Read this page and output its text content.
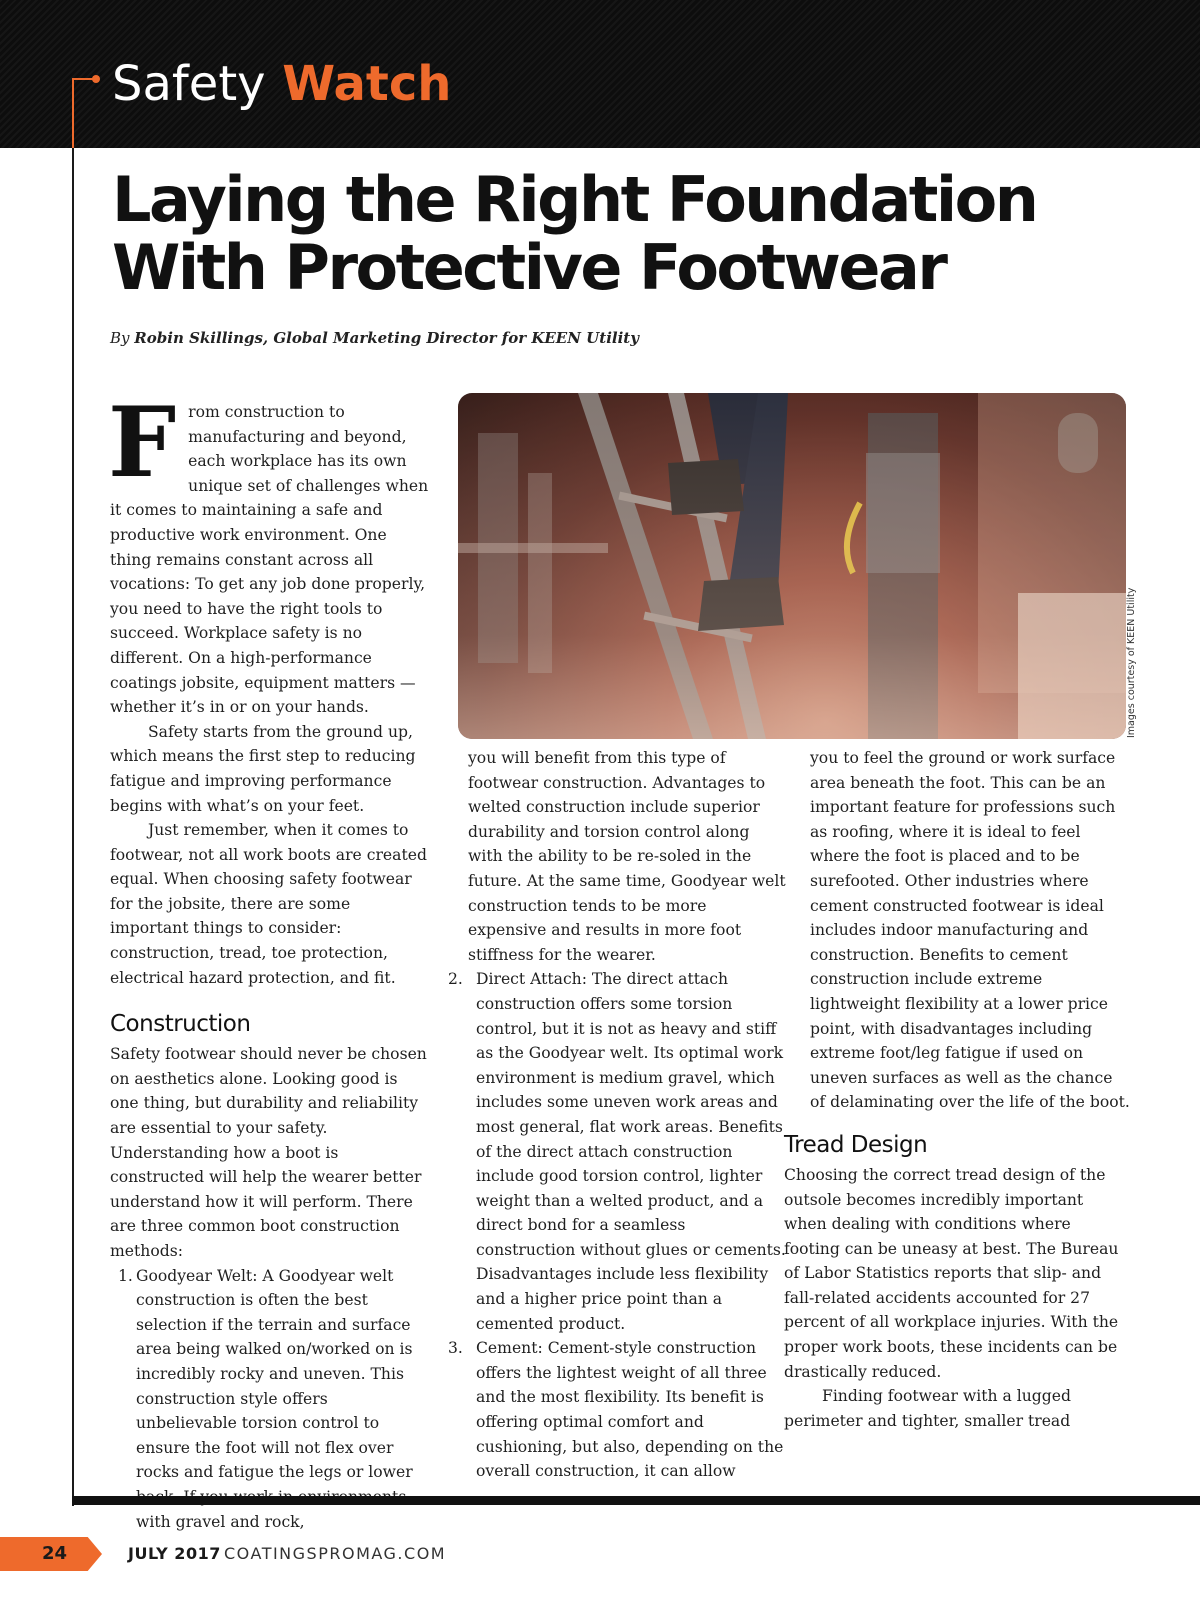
Safety Watch
Laying the Right Foundation With Protective Footwear

By Robin Skillings, Global Marketing Director for KEEN Utility

From construction to manufacturing and beyond, each workplace has its own unique set of challenges when it comes to maintaining a safe and productive work environment. One thing remains constant across all vocations: To get any job done properly, you need to have the right tools to succeed. Workplace safety is no different. On a high-performance coatings jobsite, equipment matters — whether it’s in or on your hands.

Safety starts from the ground up, which means the first step to reducing fatigue and improving performance begins with what’s on your feet.

Just remember, when it comes to footwear, not all work boots are created equal. When choosing safety footwear for the jobsite, there are some important things to consider: construction, tread, toe protection, electrical hazard protection, and fit.

Construction

Safety footwear should never be chosen on aesthetics alone. Looking good is one thing, but durability and reliability are essential to your safety. Understanding how a boot is constructed will help the wearer better understand how it will perform. There are three common boot construction methods:

1. Goodyear Welt: A Goodyear welt construction is often the best selection if the terrain and surface area being walked on/worked on is incredibly rocky and uneven. This construction style offers unbelievable torsion control to ensure the foot will not flex over rocks and fatigue the legs or lower with gravel and rock,
Images courtesy of KEEN Utility

you will benefit from this type of footwear construction. Advantages to welted construction include superior durability and torsion control along with the ability to be re-soled in the future. At the same time, Goodyear welt construction tends to be more expensive and results in more foot stiffness for the wearer.

2. Direct Attach: The direct attach construction offers some torsion control, but it is not as heavy and stiff as the Goodyear welt. Its optimal work environment is medium gravel, which includes some uneven work areas and most general, flat work areas. Benefits of the direct attach construction include good torsion control, lighter weight than a welted product, and a direct bond for a seamless construction without glues or cements. Disadvantages include less flexibility and a higher price point than a cemented product.
3. Cement: Cement-style construction offers the lightest weight of all three and the most flexibility. Its benefit is offering optimal comfort and cushioning, but also, depending on the overall construction, it can allow

you to feel the ground or work surface area beneath the foot. This can be an important feature for professions such as roofing, where it is ideal to feel where the foot is placed and to be surefooted. Other industries where cement constructed footwear is ideal includes indoor manufacturing and construction. Benefits to cement construction include extreme lightweight flexibility at a lower price point, with disadvantages including extreme foot/leg fatigue if used on uneven surfaces as well as the chance of delaminating over the life of the boot.

Tread Design

Choosing the correct tread design of the outsole becomes incredibly important when dealing with conditions where footing can be uneasy at best. The Bureau of Labor Statistics reports that slip- and fall-related accidents accounted for 27 percent of all workplace injuries. With the proper work boots, these incidents can be drastically reduced.

Finding footwear with a lugged perimeter and tighter, smaller tread

24	JULY 2017 COATINGSPROMAG.COM
